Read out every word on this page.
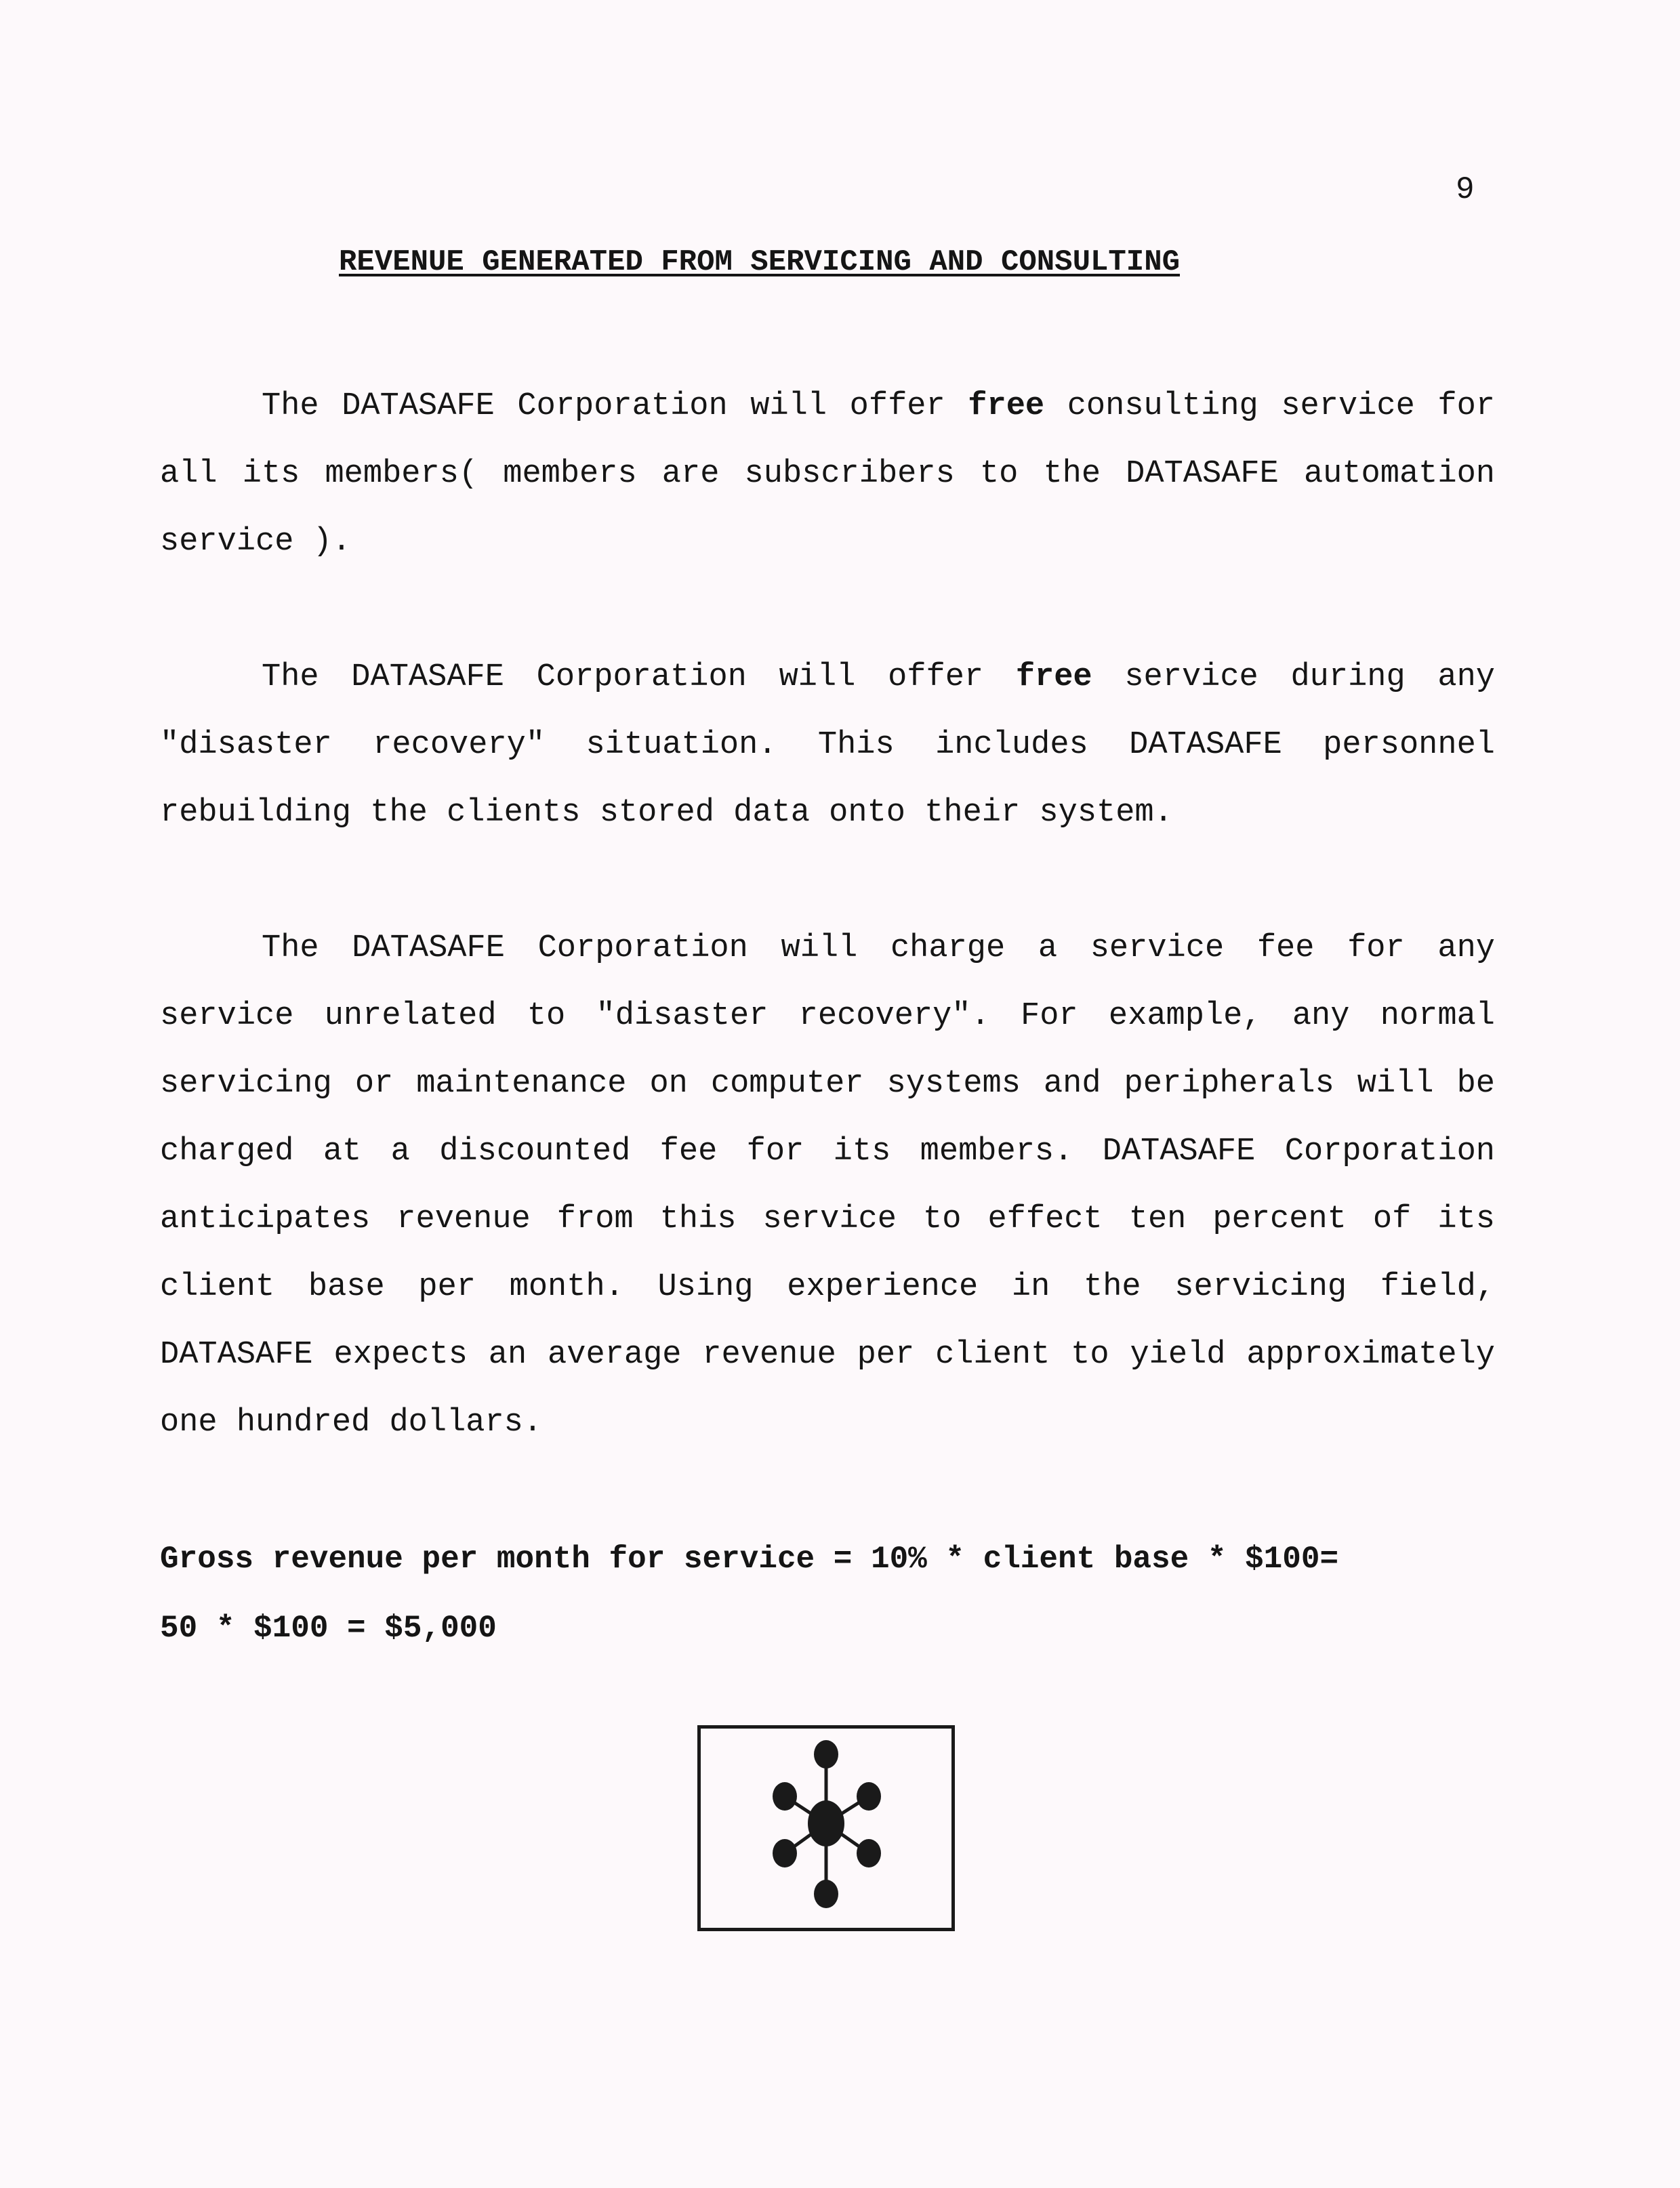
9
REVENUE GENERATED FROM SERVICING AND CONSULTING

The DATASAFE Corporation will offer free consulting service for all its members( members are subscribers to the DATASAFE automation service ).

The DATASAFE Corporation will offer free service during any "disaster recovery" situation. This includes DATASAFE personnel rebuilding the clients stored data onto their system.

The DATASAFE Corporation will charge a service fee for any service unrelated to "disaster recovery". For example, any normal servicing or maintenance on computer systems and peripherals will be charged at a discounted fee for its members. DATASAFE Corporation anticipates revenue from this service to effect ten percent of its client base per month. Using experience in the servicing field, DATASAFE expects an average revenue per client to yield approximately one hundred dollars.

Gross revenue per month for service = 10% * client base * $100=
50 * $100 = $5,000
